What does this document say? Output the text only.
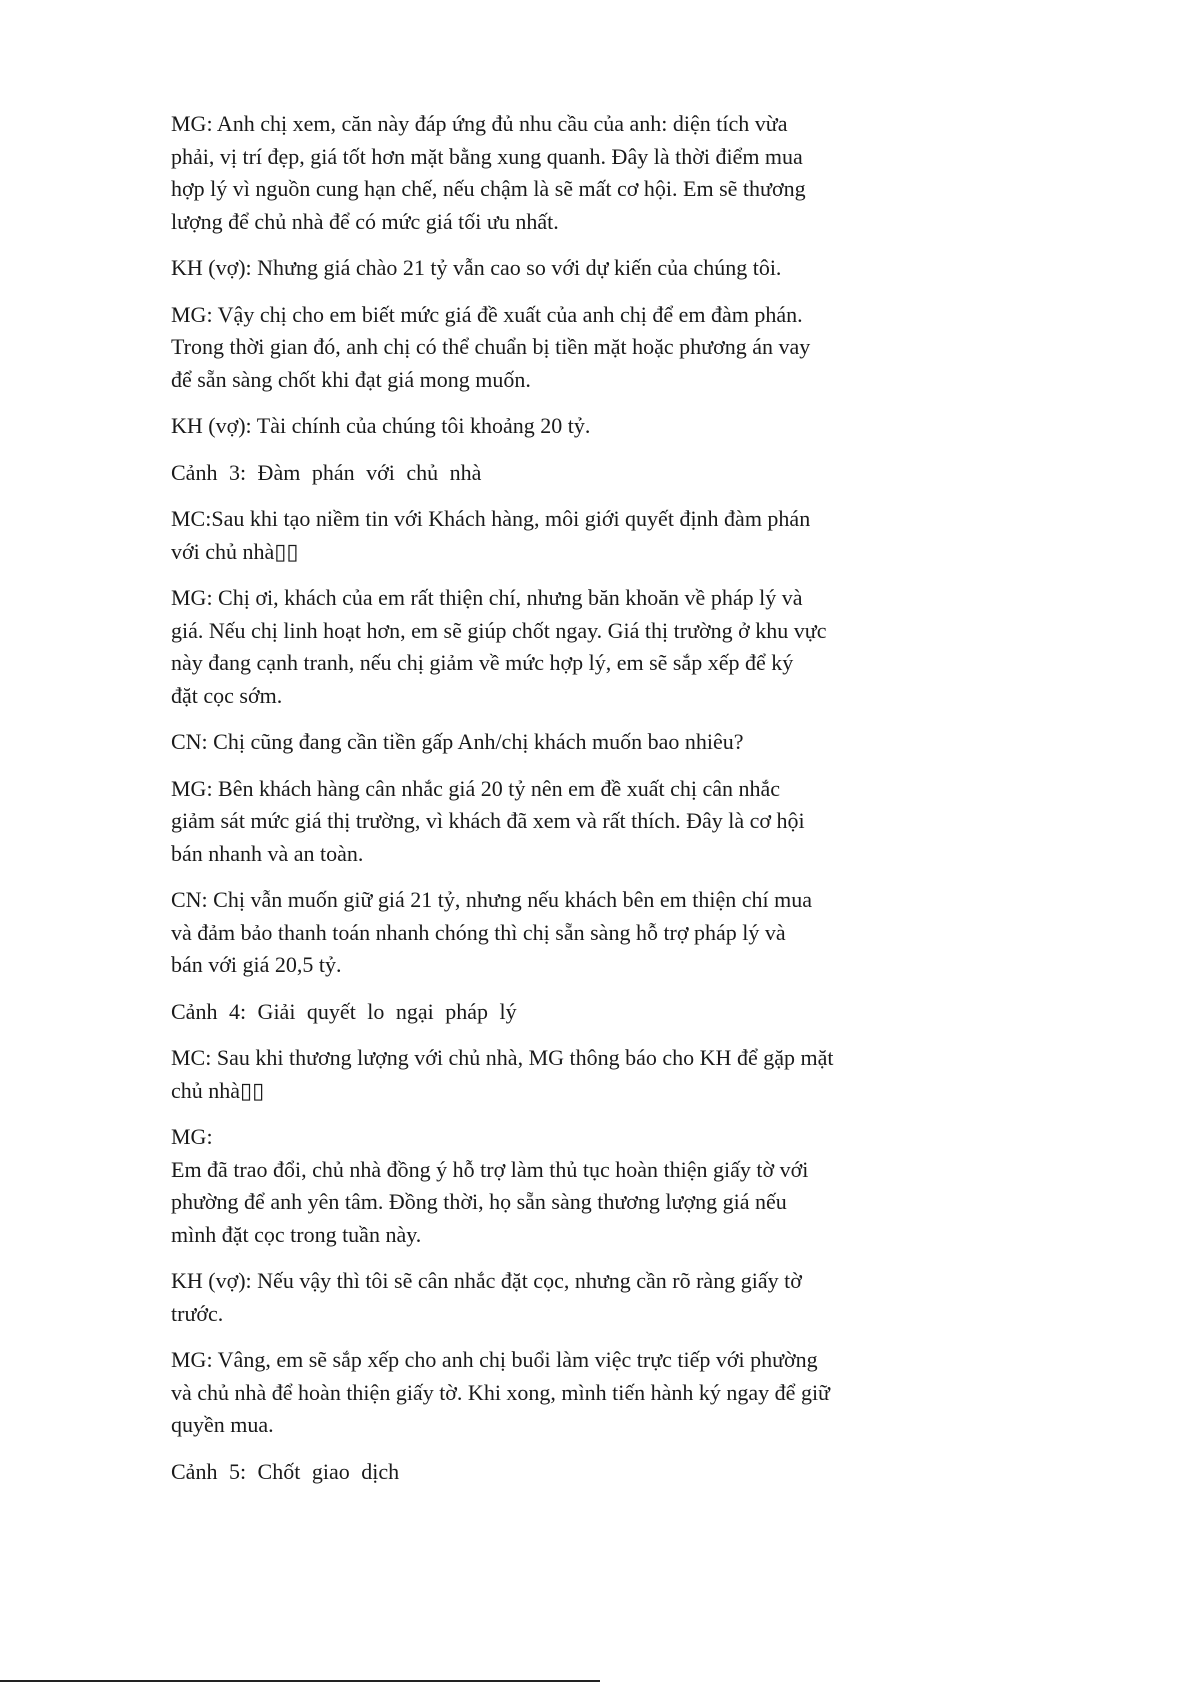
MG: Anh chị xem, căn này đáp ứng đủ nhu cầu của anh: diện tích vừa
phải, vị trí đẹp, giá tốt hơn mặt bằng xung quanh. Đây là thời điểm mua
hợp lý vì nguồn cung hạn chế, nếu chậm là sẽ mất cơ hội. Em sẽ thương
lượng để chủ nhà để có mức giá tối ưu nhất.

KH (vợ): Nhưng giá chào 21 tỷ vẫn cao so với dự kiến của chúng tôi.

MG: Vậy chị cho em biết mức giá đề xuất của anh chị để em đàm phán.
Trong thời gian đó, anh chị có thể chuẩn bị tiền mặt hoặc phương án vay
để sẵn sàng chốt khi đạt giá mong muốn.

KH (vợ): Tài chính của chúng tôi khoảng 20 tỷ.

Cảnh 3: Đàm phán với chủ nhà

MC:Sau khi tạo niềm tin với Khách hàng, môi giới quyết định đàm phán
với chủ nhà▯▯

MG: Chị ơi, khách của em rất thiện chí, nhưng băn khoăn về pháp lý và
giá. Nếu chị linh hoạt hơn, em sẽ giúp chốt ngay. Giá thị trường ở khu vực
này đang cạnh tranh, nếu chị giảm về mức hợp lý, em sẽ sắp xếp để ký
đặt cọc sớm.

CN: Chị cũng đang cần tiền gấp Anh/chị khách muốn bao nhiêu?

MG: Bên khách hàng cân nhắc giá 20 tỷ nên em đề xuất chị cân nhắc
giảm sát mức giá thị trường, vì khách đã xem và rất thích. Đây là cơ hội
bán nhanh và an toàn.

CN: Chị vẫn muốn giữ giá 21 tỷ, nhưng nếu khách bên em thiện chí mua
và đảm bảo thanh toán nhanh chóng thì chị sẵn sàng hỗ trợ pháp lý và
bán với giá 20,5 tỷ.

Cảnh 4: Giải quyết lo ngại pháp lý

MC: Sau khi thương lượng với chủ nhà, MG thông báo cho KH để gặp mặt
chủ nhà▯▯

MG:
Em đã trao đổi, chủ nhà đồng ý hỗ trợ làm thủ tục hoàn thiện giấy tờ với
phường để anh yên tâm. Đồng thời, họ sẵn sàng thương lượng giá nếu
mình đặt cọc trong tuần này.

KH (vợ): Nếu vậy thì tôi sẽ cân nhắc đặt cọc, nhưng cần rõ ràng giấy tờ
trước.

MG: Vâng, em sẽ sắp xếp cho anh chị buổi làm việc trực tiếp với phường
và chủ nhà để hoàn thiện giấy tờ. Khi xong, mình tiến hành ký ngay để giữ
quyền mua.

Cảnh 5: Chốt giao dịch
